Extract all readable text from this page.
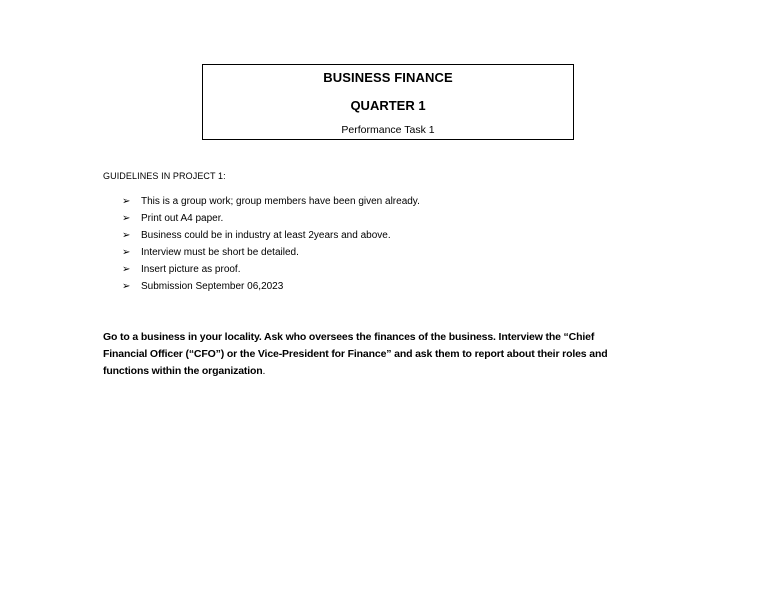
BUSINESS FINANCE
QUARTER 1
Performance Task 1
GUIDELINES IN PROJECT 1:
➢ This is a group work; group members have been given already.
➢ Print out A4 paper.
➢ Business could be in industry at least 2years and above.
➢ Interview must be short be detailed.
➢ Insert picture as proof.
➢ Submission September 06,2023

Go to a business in your locality. Ask who oversees the finances of the business. Interview the “Chief Financial Officer (“CFO”) or the Vice-President for Finance” and ask them to report about their roles and functions within the organization.
